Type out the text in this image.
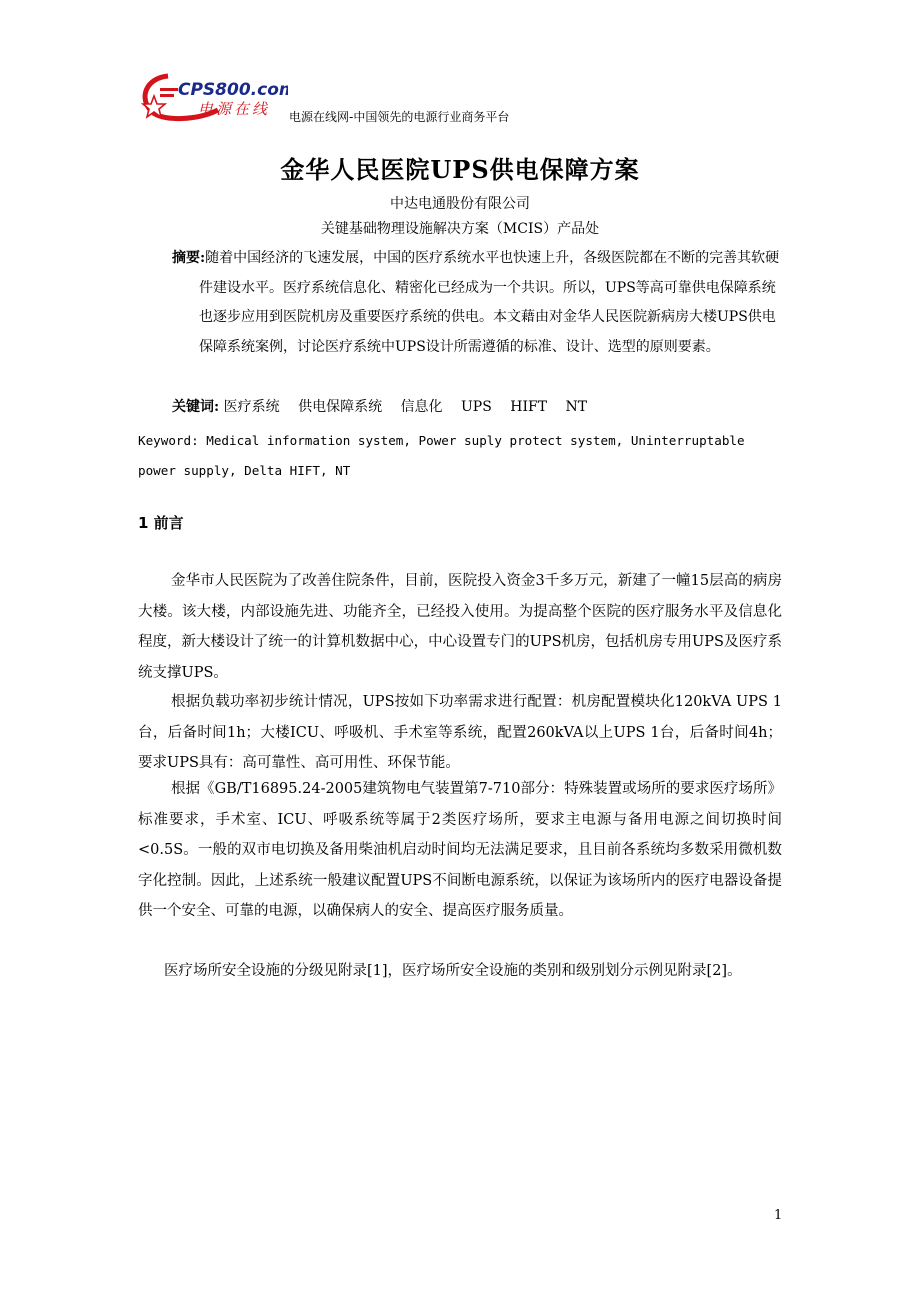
CPS800.com
电源在线 电源在线网-中国领先的电源行业商务平台
金华人民医院UPS供电保障方案
中达电通股份有限公司
关键基础物理设施解决方案（MCIS）产品处
摘要:随着中国经济的飞速发展，中国的医疗系统水平也快速上升，各级医院都在不断的完善其软硬件建设水平。医疗系统信息化、精密化已经成为一个共识。所以，UPS等高可靠供电保障系统也逐步应用到医院机房及重要医疗系统的供电。本文藉由对金华人民医院新病房大楼UPS供电保障系统案例，讨论医疗系统中UPS设计所需遵循的标准、设计、选型的原则要素。
关键词: 医疗系统 供电保障系统 信息化 UPS HIFT NT
Keyword: Medical information system, Power suply protect system, Uninterruptable power supply, Delta HIFT, NT
1 前言
金华市人民医院为了改善住院条件，目前，医院投入资金3千多万元，新建了一幢15层高的病房大楼。该大楼，内部设施先进、功能齐全，已经投入使用。为提高整个医院的医疗服务水平及信息化程度，新大楼设计了统一的计算机数据中心，中心设置专门的UPS机房，包括机房专用UPS及医疗系统支撑UPS。
根据负载功率初步统计情况，UPS按如下功率需求进行配置：机房配置模块化120kVA UPS 1台，后备时间1h；大楼ICU、呼吸机、手术室等系统，配置260kVA以上UPS 1台，后备时间4h；要求UPS具有：高可靠性、高可用性、环保节能。
根据《GB/T16895.24-2005建筑物电气装置第7-710部分：特殊装置或场所的要求医疗场所》标准要求，手术室、ICU、呼吸系统等属于2类医疗场所，要求主电源与备用电源之间切换时间<0.5S。一般的双市电切换及备用柴油机启动时间均无法满足要求，且目前各系统均多数采用微机数字化控制。因此，上述系统一般建议配置UPS不间断电源系统，以保证为该场所内的医疗电器设备提供一个安全、可靠的电源，以确保病人的安全、提高医疗服务质量。
医疗场所安全设施的分级见附录[1]，医疗场所安全设施的类别和级别划分示例见附录[2]。
1
